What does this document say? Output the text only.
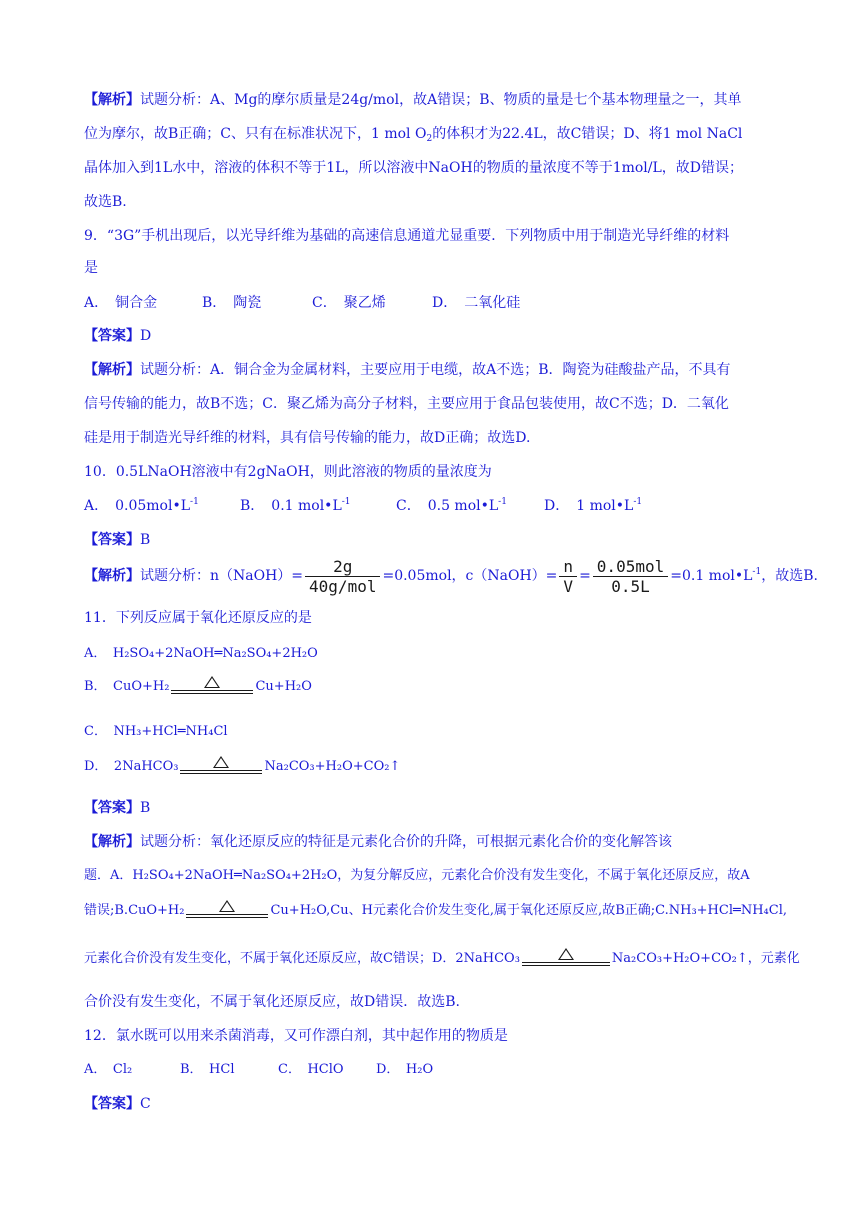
【解析】试题分析：A、Mg的摩尔质量是24g/mol，故A错误；B、物质的量是七个基本物理量之一，其单
位为摩尔，故B正确；C、只有在标准状况下，1 mol $O_2$的体积才为22.4L，故C错误；D、将1 mol NaCl
晶体加入到1L水中，溶液的体积不等于1L，所以溶液中NaOH的物质的量浓度不等于1mol/L，故D错误；
故选B.
9．“3G”手机出现后，以光导纤维为基础的高速信息通道尤显重要．下列物质中用于制造光导纤维的材料
是
A．　铜合金	B．　陶瓷	C．　聚乙烯	D．　二氧化硅
【答案】D
【解析】试题分析：A．铜合金为金属材料，主要应用于电缆，故A不选；B．陶瓷为硅酸盐产品，不具有
信号传输的能力，故B不选；C．聚乙烯为高分子材料，主要应用于食品包装使用，故C不选；D．二氧化
硅是用于制造光导纤维的材料，具有信号传输的能力，故D正确；故选D.
10．0.5LNaOH溶液中有2gNaOH，则此溶液的物质的量浓度为
A．　$0.05mol•L^{-1}$	B．　0.1 $mol•L^{-1}$	C．　0.5 $mol•L^{-1}$	D．　1 $mol•L^{-1}$
【答案】B
【解析】试题分析：n（NaOH）= $\frac{2g}{\text{40g/mol}} =0.05mol$，c（NaOH）= $\frac{n}{V} = \frac{\text{0.05mol}}{0.5L} =0.1$ $mol•L^{-1}$，故选B.
11．下列反应属于氧化还原反应的是
A．　H₂SO₄+2NaOH═Na₂SO₄+2H₂O
B．　CuO+H₂	Cu+H₂O
C．　NH₃+HCl═NH₄Cl
D．　2NaHCO₃	Na₂CO₃+H₂O+CO₂↑
【答案】B
【解析】试题分析：氧化还原反应的特征是元素化合价的升降，可根据元素化合价的变化解答该
题．A．H₂SO₄+2NaOH═Na₂SO₄+2H₂O，为复分解反应，元素化合价没有发生变化，不属于氧化还原反应，故A
错误;B.CuO+H₂	Cu+H₂O,Cu、H元素化合价发生变化,属于氧化还原反应,故B正确;C.NH₃+HCl═NH₄Cl,
元素化合价没有发生变化，不属于氧化还原反应，故C错误；D．2NaHCO₃	Na₂CO₃+H₂O+CO₂↑，元素化
合价没有发生变化，不属于氧化还原反应，故D错误．故选B.
12．氯水既可以用来杀菌消毒，又可作漂白剂，其中起作用的物质是
A．　Cl₂	B．　HCl	C．　HClO D．　H₂O
【答案】C
